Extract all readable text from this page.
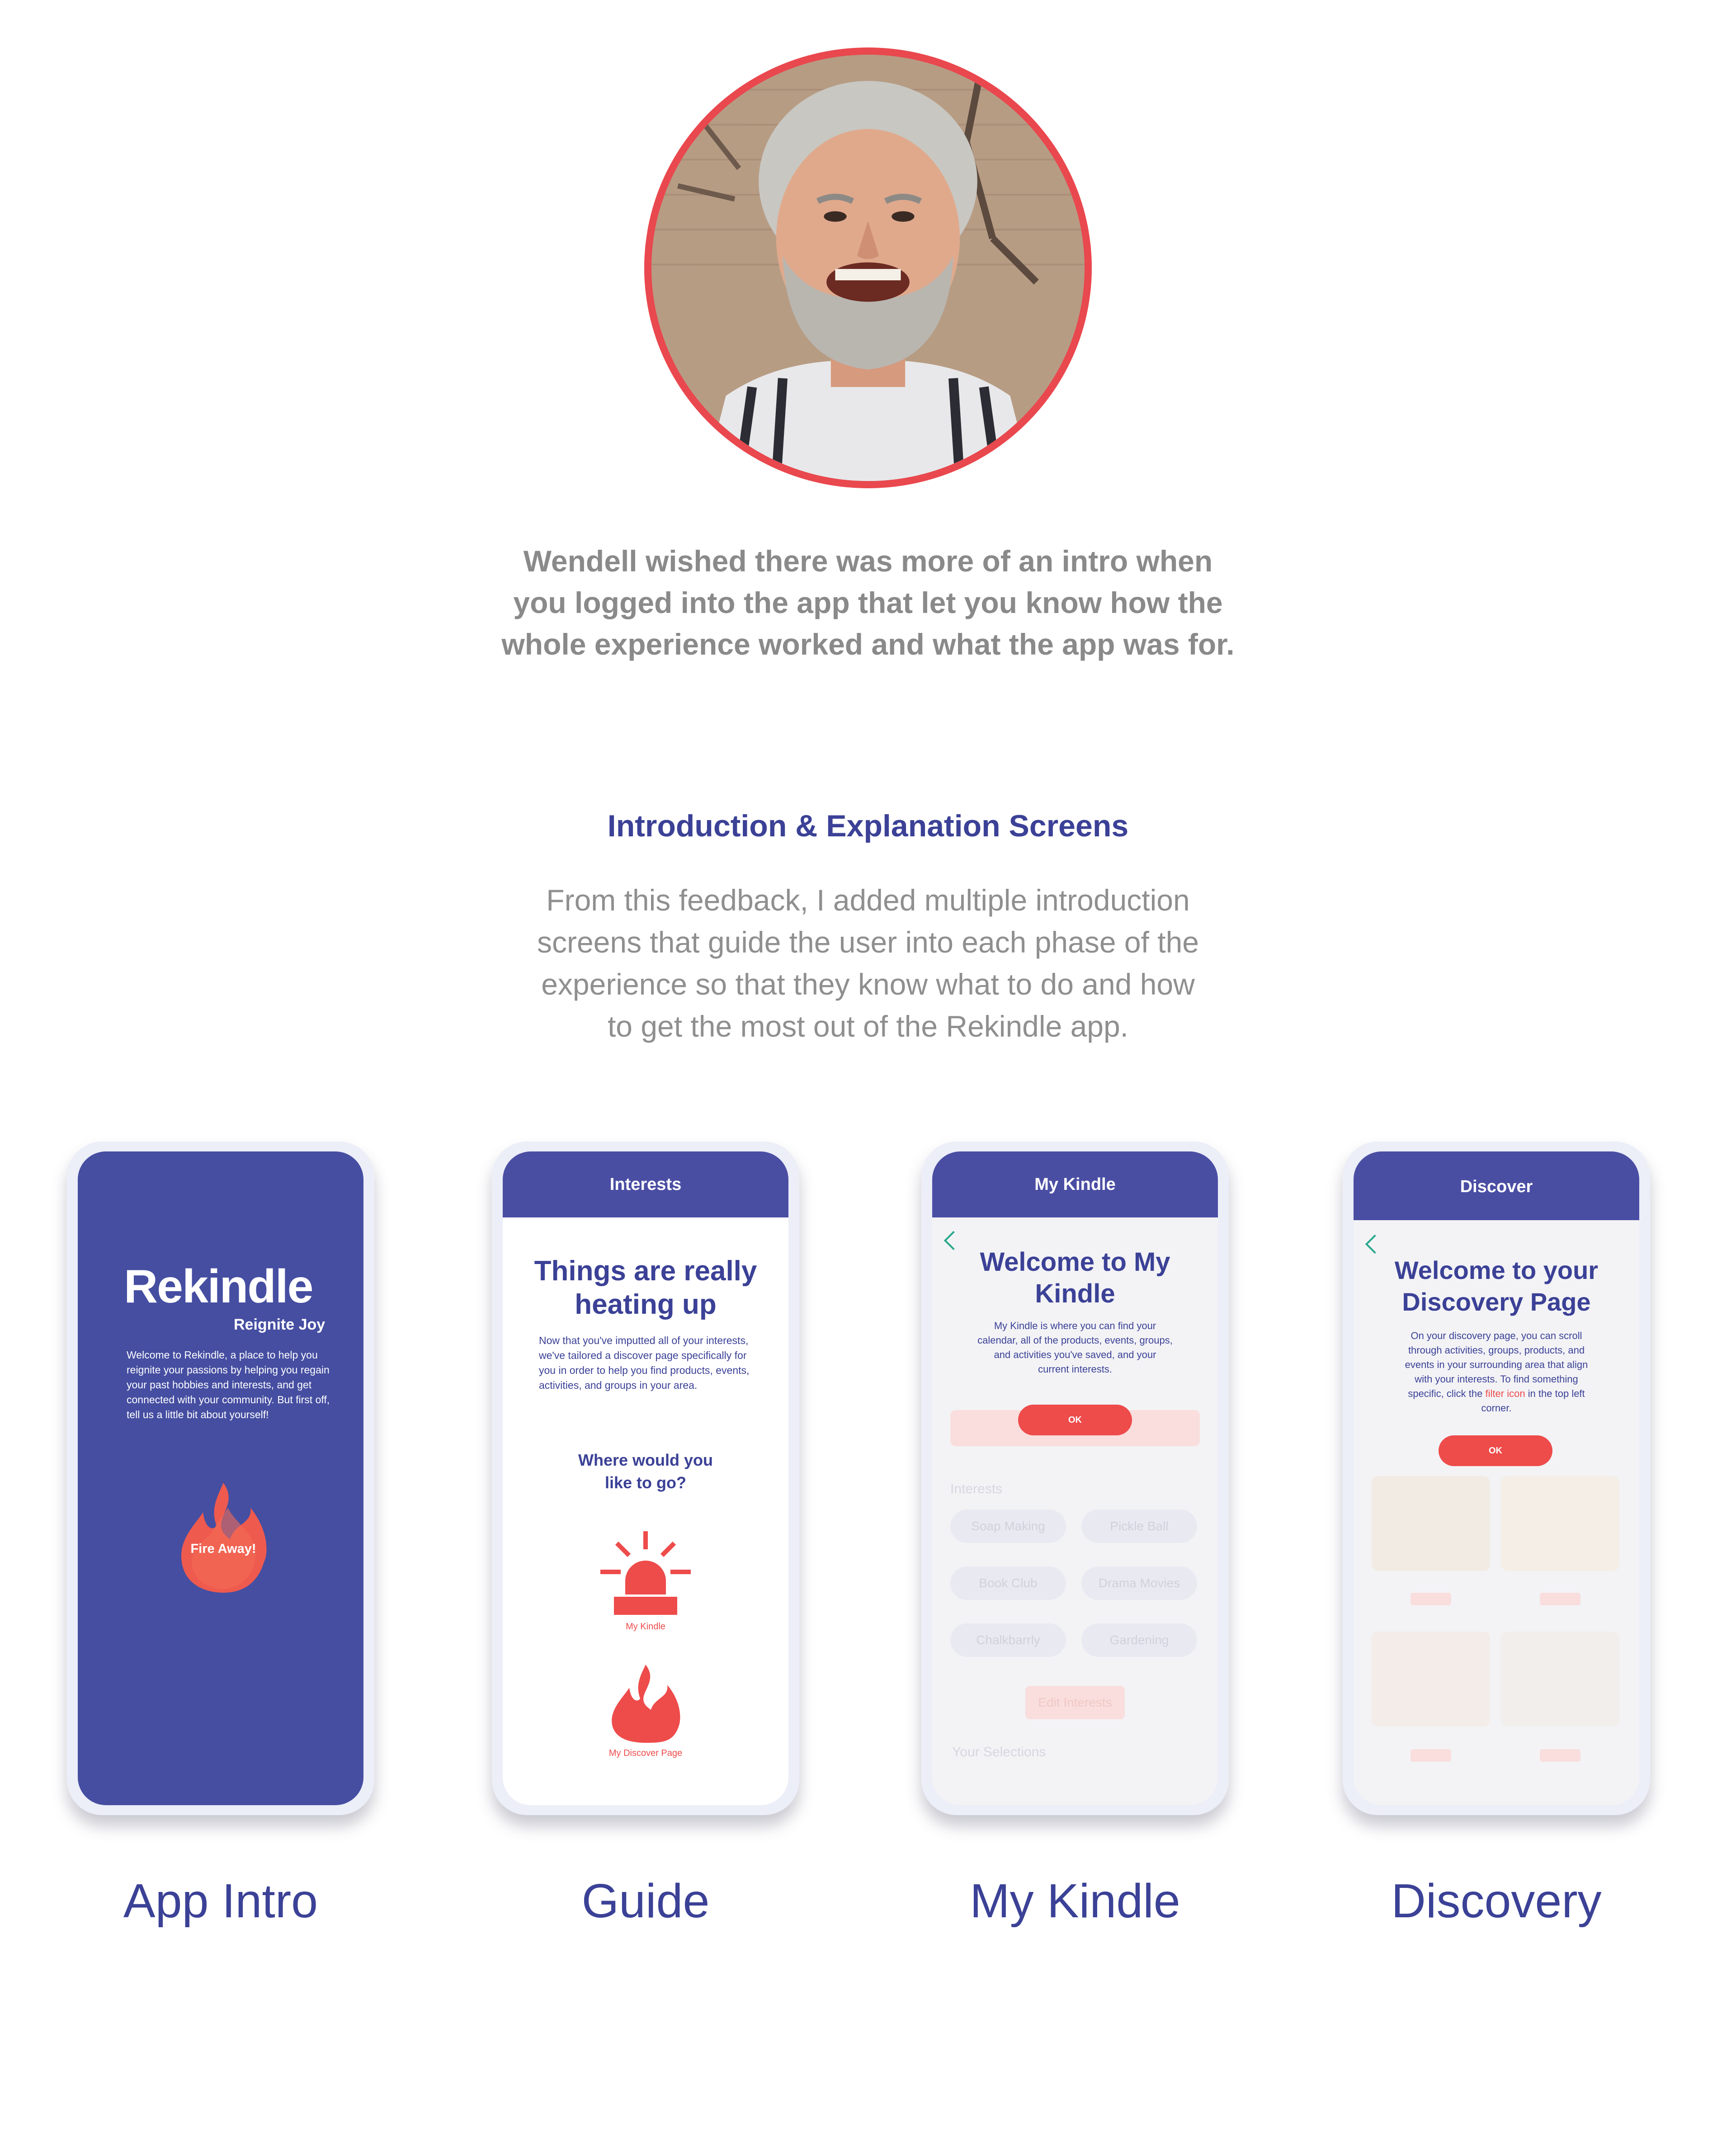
Wendell wished there was more of an intro when
you logged into the app that let you know how the
whole experience worked and what the app was for.
Introduction & Explanation Screens
From this feedback, I added multiple introduction
screens that guide the user into each phase of the
experience so that they know what to do and how
to get the most out of the Rekindle app.
Rekindle
Reignite Joy
Welcome to Rekindle, a place to help you reignite your passions by helping you regain your past hobbies and interests, and get connected with your community. But first off, tell us a little bit about yourself!
Fire Away!
App Intro
Interests
Things are really
heating up
Now that you've imputted all of your interests, we've tailored a discover page specifically for you in order to help you find products, events, activities, and groups in your area.
Where would you
like to go?
My Kindle
My Discover Page
Guide
My Kindle
Interests
Soap Making	Pickle Ball
Book Club	Drama Movies
Chalkbarrly	Gardening
Edit Interests
Your Selections
Welcome to My
Kindle
My Kindle is where you can find your calendar, all of the products, events, groups, and activities you've saved, and your current interests.
OK
My Kindle
Discover
Welcome to your
Discovery Page
On your discovery page, you can scroll through activities, groups, products, and events in your surrounding area that align with your interests. To find something specific, click the filter icon in the top left corner.
OK
Discovery
